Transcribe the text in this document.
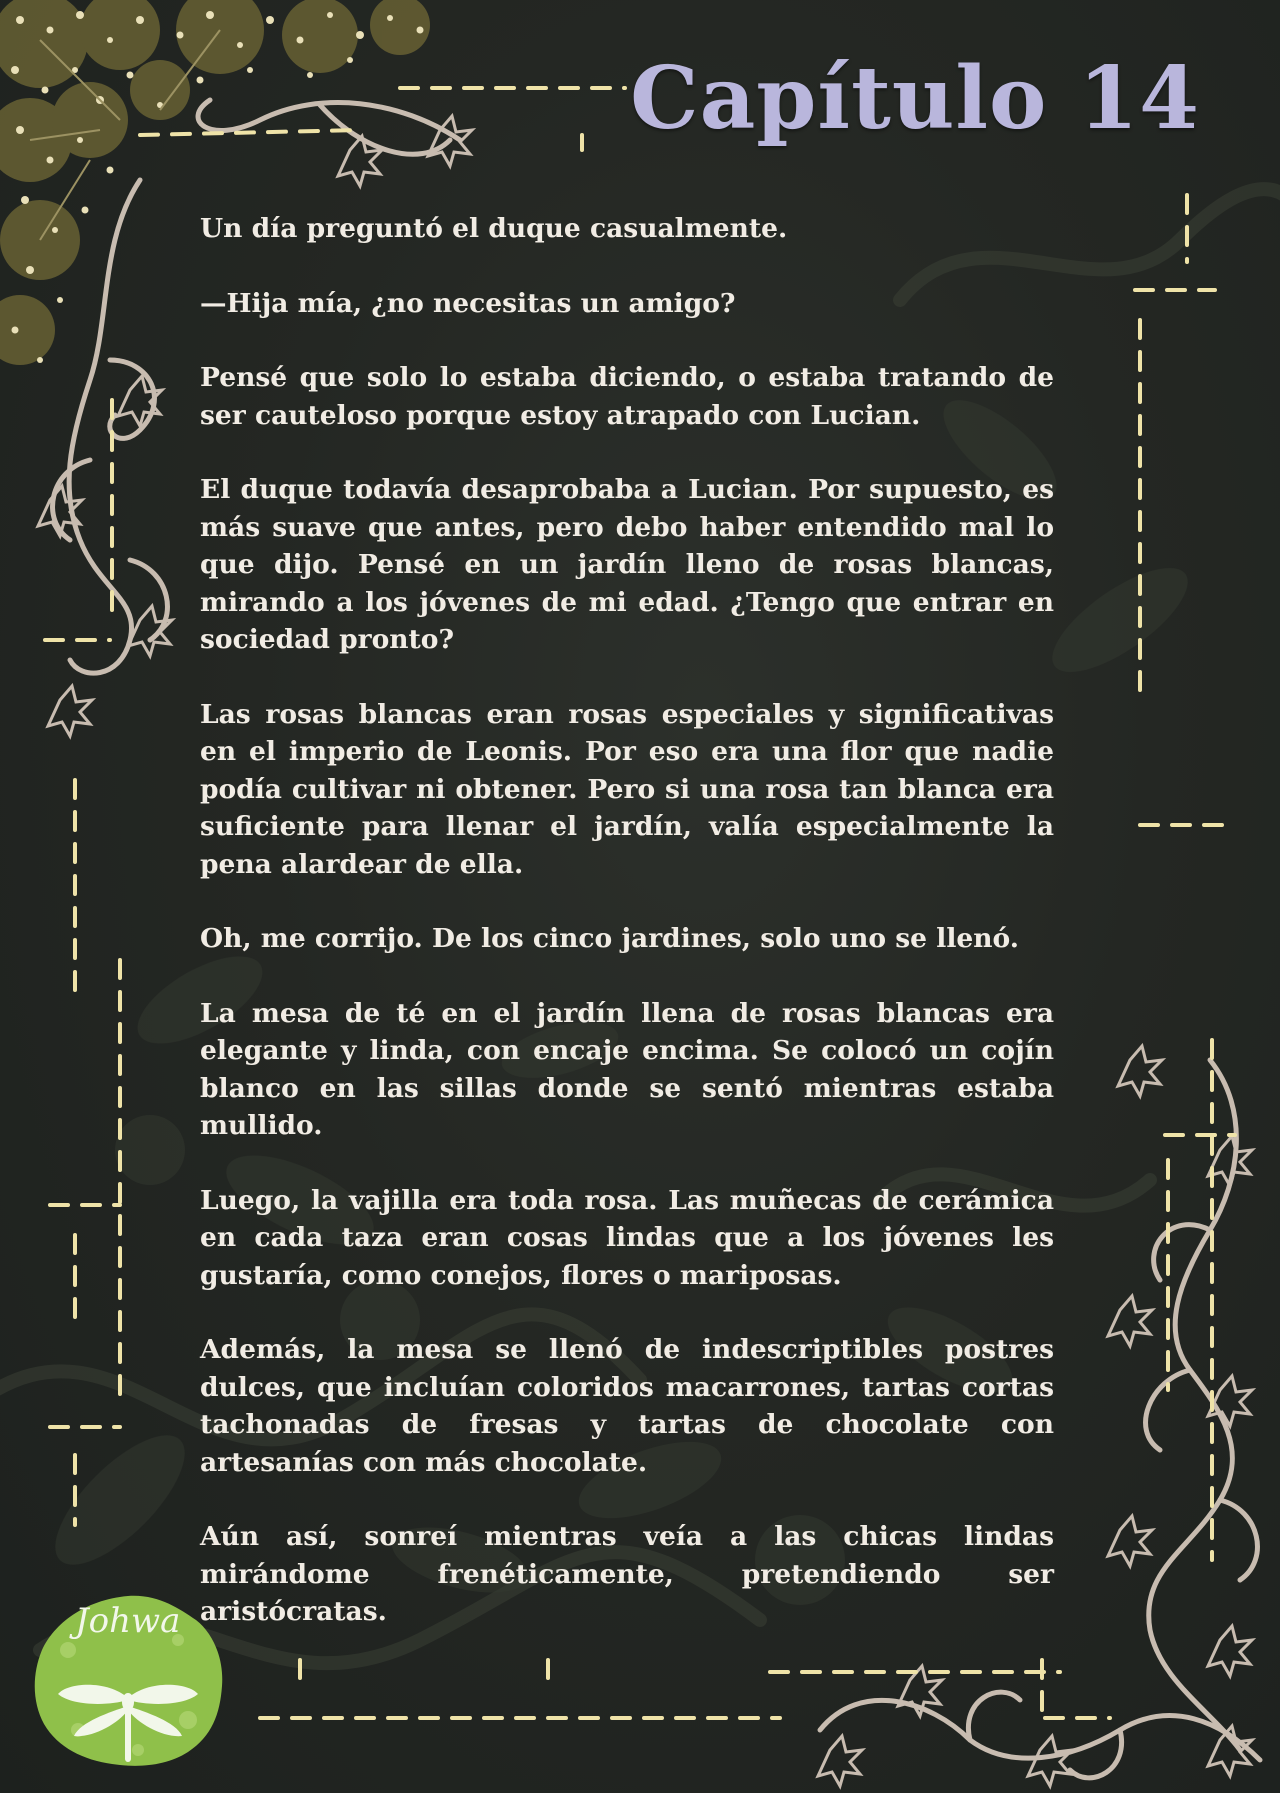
Capítulo 14

Un día preguntó el duque casualmente.

—Hija mía, ¿no necesitas un amigo?

Pensé que solo lo estaba diciendo, o estaba tratando de ser cauteloso porque estoy atrapado con Lucian.

El duque todavía desaprobaba a Lucian. Por supuesto, es más suave que antes, pero debo haber entendido mal lo que dijo. Pensé en un jardín lleno de rosas blancas, mirando a los jóvenes de mi edad. ¿Tengo que entrar en sociedad pronto?

Las rosas blancas eran rosas especiales y significativas en el imperio de Leonis. Por eso era una flor que nadie podía cultivar ni obtener. Pero si una rosa tan blanca era suficiente para llenar el jardín, valía especialmente la pena alardear de ella.

Oh, me corrijo. De los cinco jardines, solo uno se llenó.

La mesa de té en el jardín llena de rosas blancas era elegante y linda, con encaje encima. Se colocó un cojín blanco en las sillas donde se sentó mientras estaba mullido.

Luego, la vajilla era toda rosa. Las muñecas de cerámica en cada taza eran cosas lindas que a los jóvenes les gustaría, como conejos, flores o mariposas.

Además, la mesa se llenó de indescriptibles postres dulces, que incluían coloridos macarrones, tartas cortas tachonadas de fresas y tartas de chocolate con artesanías con más chocolate.

Aún así, sonreí mientras veía a las chicas lindas mirándome frenéticamente, pretendiendo ser aristócratas.

Johwa
